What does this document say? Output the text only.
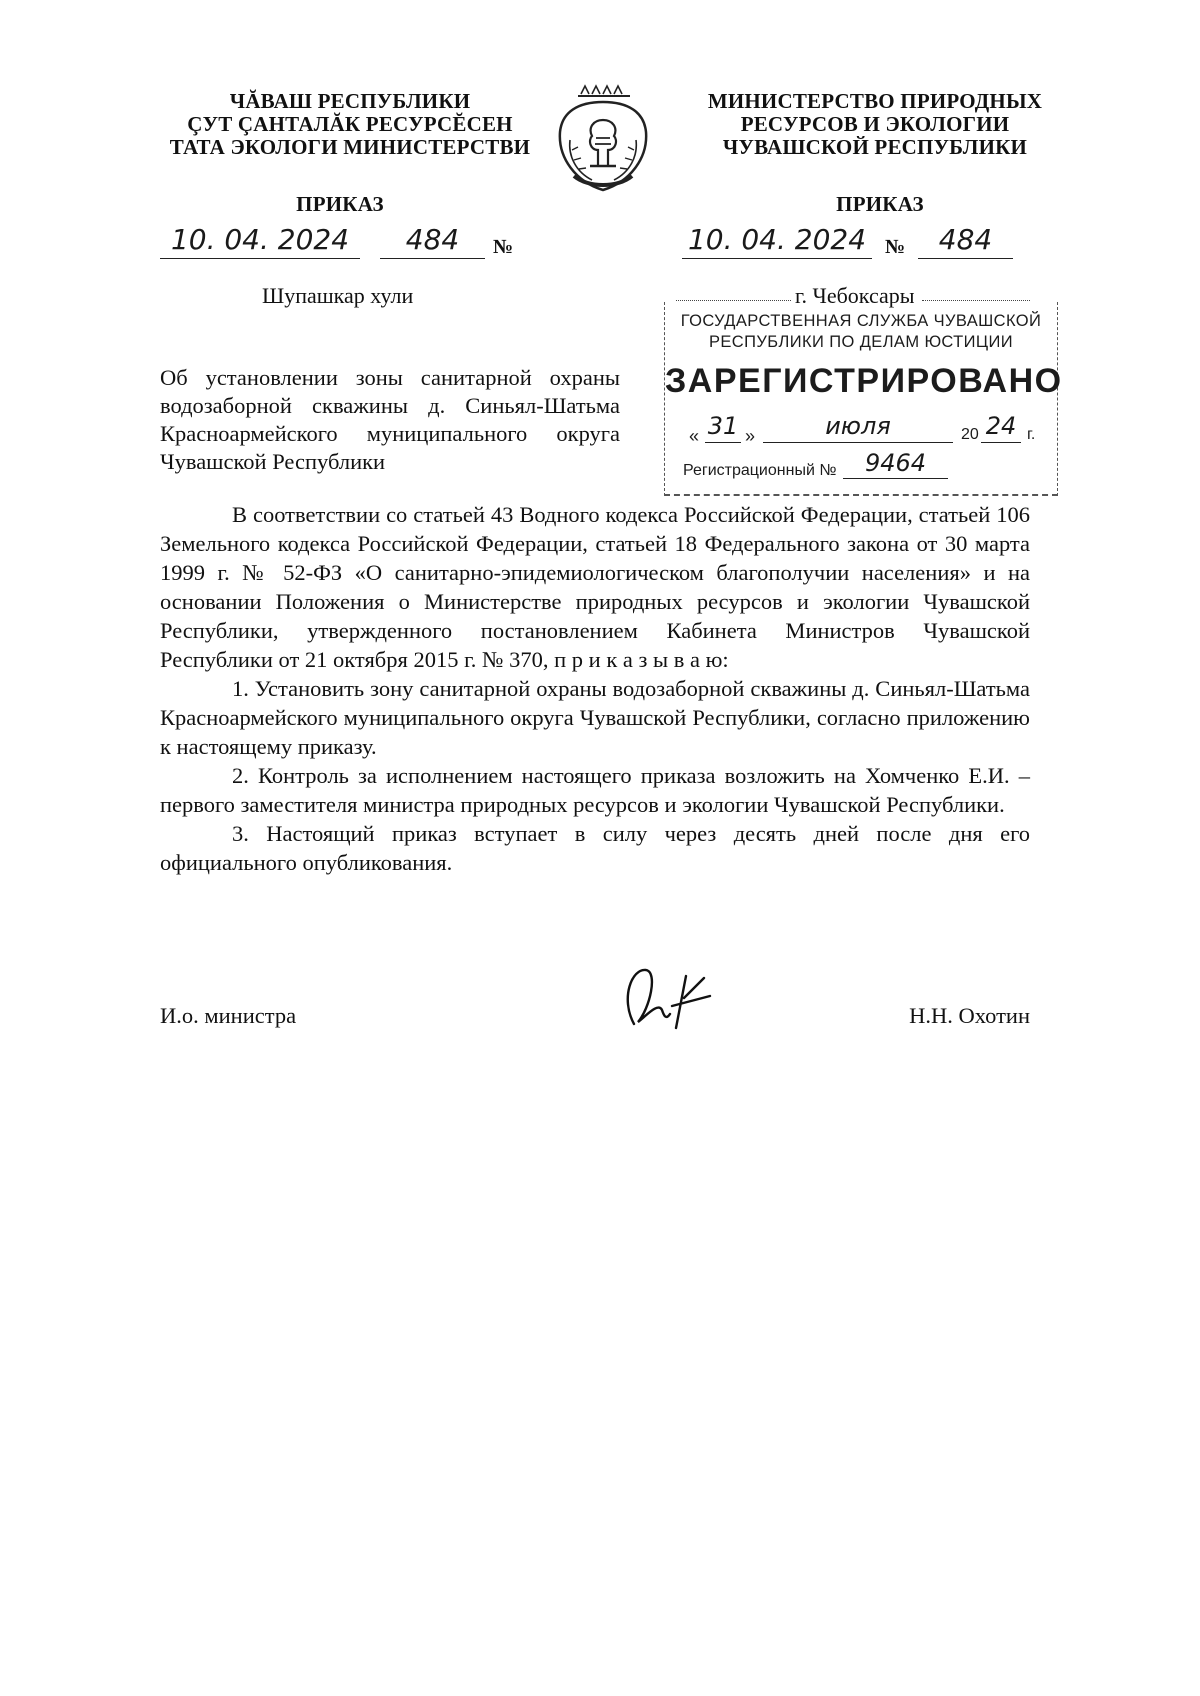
ЧĂВАШ РЕСПУБЛИКИ
ÇУТ ÇАНТАЛĂК РЕСУРСĔСЕН
ТАТА ЭКОЛОГИ МИНИСТЕРСТВИ
МИНИСТЕРСТВО ПРИРОДНЫХ
РЕСУРСОВ И ЭКОЛОГИИ
ЧУВАШСКОЙ РЕСПУБЛИКИ
ПРИКАЗ	ПРИКАЗ
10. 04. 2024	484	№	10. 04. 2024 №	484
Шупашкар хули	г. Чебоксары
ГОСУДАРСТВЕННАЯ СЛУЖБА ЧУВАШСКОЙ
РЕСПУБЛИКИ ПО ДЕЛАМ ЮСТИЦИИ
ЗАРЕГИСТРИРОВАНО
« 31 »	июля	20 24 г.
Регистрационный №	9464
Об установлении зоны санитарной охраны водозаборной скважины д. Синьял-Шатьма Красноармейского муниципального округа Чувашской Республики
В соответствии со статьей 43 Водного кодекса Российской Федерации, статьей 106 Земельного кодекса Российской Федерации, статьей 18 Федерального закона от 30 марта 1999 г. № 52-ФЗ «О санитарно-эпидемиологическом благополучии населения» и на основании Положения о Министерстве природных ресурсов и экологии Чувашской Республики, утвержденного постановлением Кабинета Министров Чувашской Республики от 21 октября 2015 г. № 370, п р и к а з ы в а ю:
1. Установить зону санитарной охраны водозаборной скважины д. Синьял-Шатьма Красноармейского муниципального округа Чувашской Республики, согласно приложению к настоящему приказу.
2. Контроль за исполнением настоящего приказа возложить на Хомченко Е.И. – первого заместителя министра природных ресурсов и экологии Чувашской Республики.
3. Настоящий приказ вступает в силу через десять дней после дня его официального опубликования.
И.о. министра	Н.Н. Охотин
